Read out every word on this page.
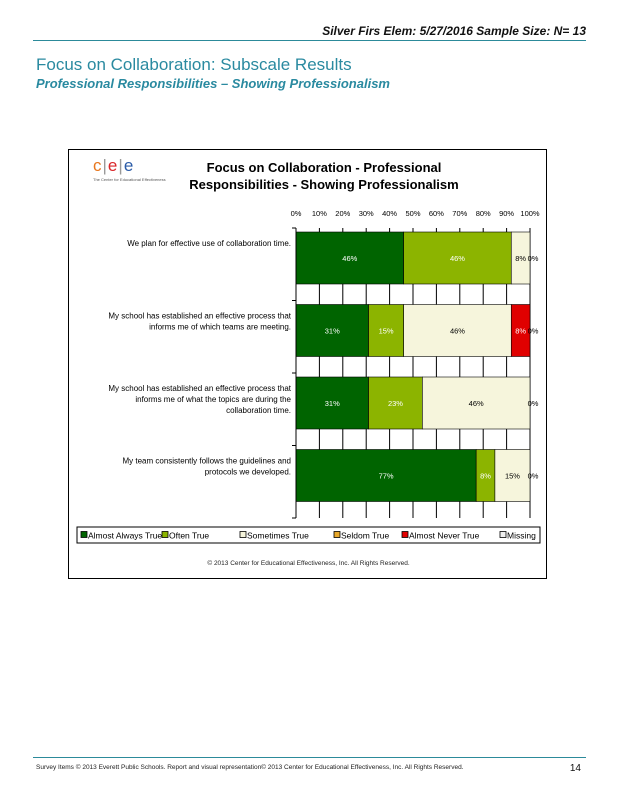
Silver Firs Elem: 5/27/2016 Sample Size: N= 13
Focus on Collaboration: Subscale Results
Professional Responsibilities – Showing Professionalism
c|e|e
The Center for Educational Effectiveness
Focus on Collaboration - Professional
Responsibilities - Showing Professionalism
46%	46%	8% 0%
31%	15%	46%	8% 0%
31%	23%	46%	0%
77%	8% 15% 0%
0% 10% 20% 30% 40% 50% 60% 70% 80% 90% 100%
We plan for effective use of collaboration time.
My school has established an effective process that
informs me of which teams are meeting.
My school has established an effective process that
informs me of what the topics are during the
collaboration time.
My team consistently follows the guidelines and
protocols we developed.
Almost Always True Often True	Sometimes True	Seldom True Almost Never True	Missing
© 2013 Center for Educational Effectiveness, Inc. All Rights Reserved.
Survey Items © 2013 Everett Public Schools. Report and visual representation© 2013 Center for Educational Effectiveness, Inc. All Rights Reserved.	14
